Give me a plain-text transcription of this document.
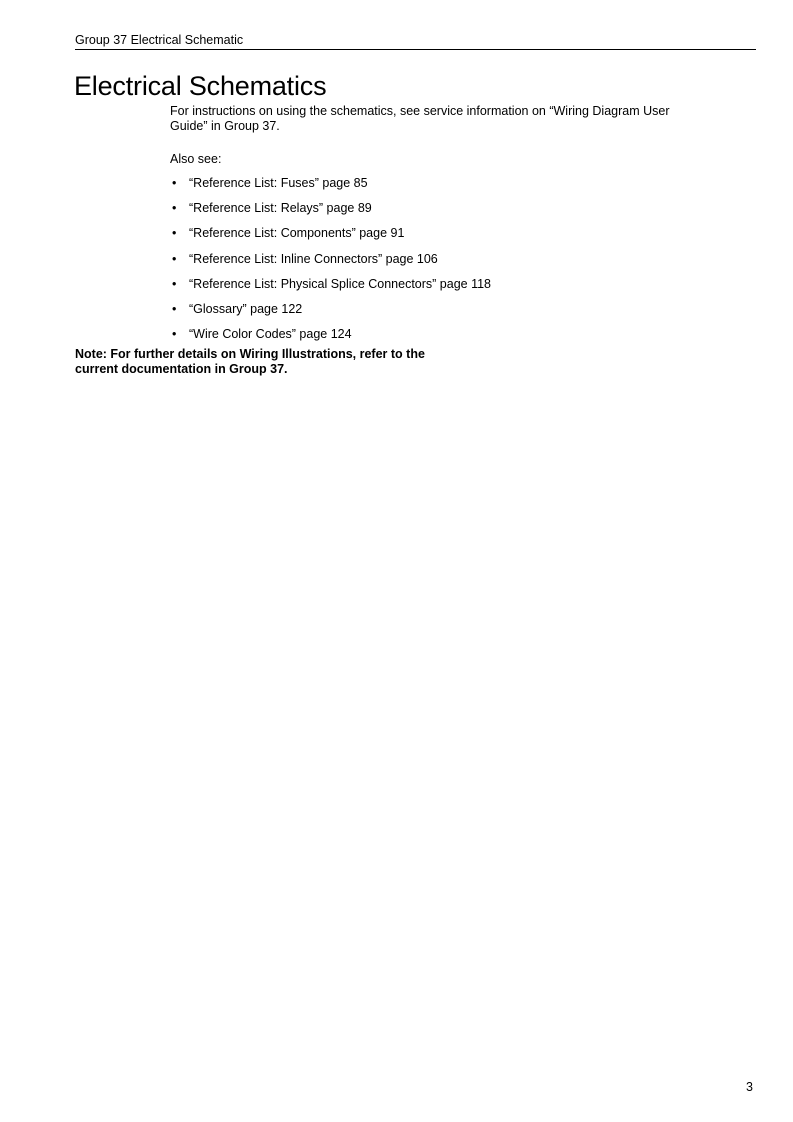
Group 37 Electrical Schematic
Electrical Schematics

For instructions on using the schematics, see service information on “Wiring Diagram User Guide” in Group 37.

Also see:

• “Reference List: Fuses” page 85
• “Reference List: Relays” page 89
• “Reference List: Components” page 91
• “Reference List: Inline Connectors” page 106
• “Reference List: Physical Splice Connectors” page 118
• “Glossary” page 122
• “Wire Color Codes” page 124

Note: For further details on Wiring Illustrations, refer to the current documentation in Group 37.

3
